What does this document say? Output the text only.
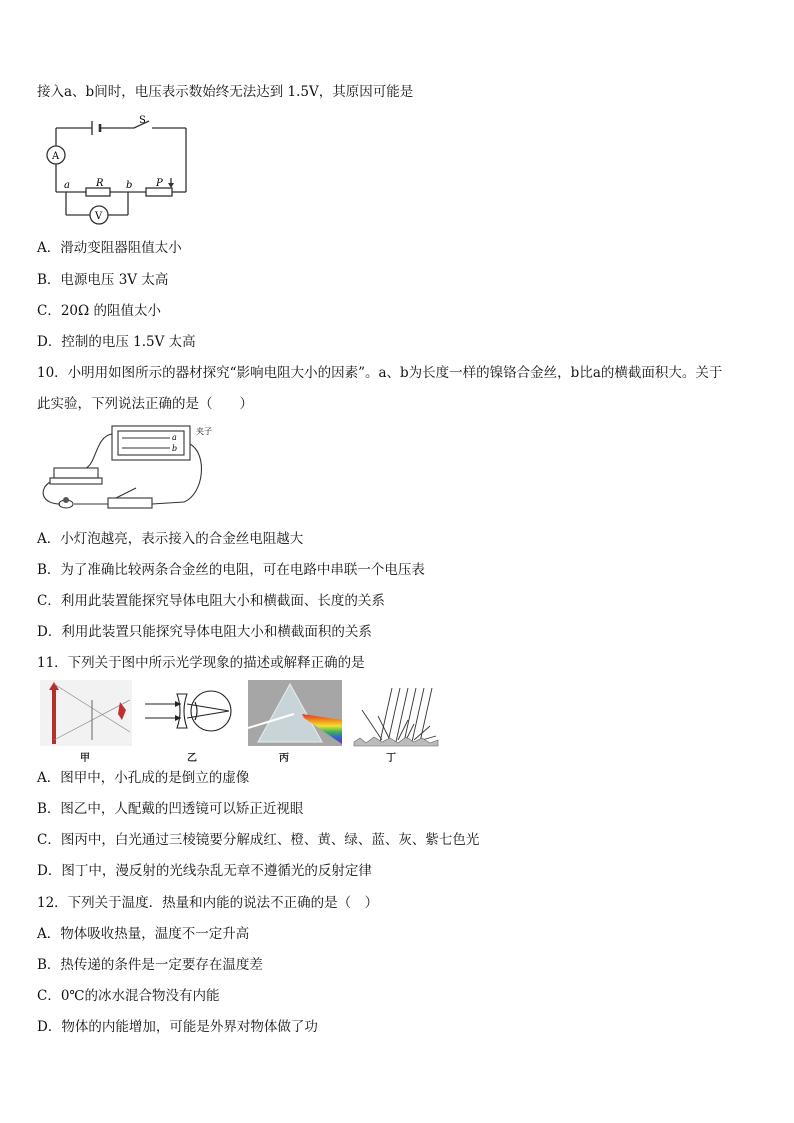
接入a、b间时，电压表示数始终无法达到 1.5V，其原因可能是
S
A
V
a	b
R	P
A．滑动变阻器阻值太小
B．电源电压 3V 太高
C．20Ω 的阻值太小
D．控制的电压 1.5V 太高
10．小明用如图所示的器材探究“影响电阻大小的因素”。a、b为长度一样的镍铬合金丝，b比a的横截面积大。关于
此实验，下列说法正确的是（　　）
夹子
a
b
A．小灯泡越亮，表示接入的合金丝电阻越大
B．为了准确比较两条合金丝的电阻，可在电路中串联一个电压表
C．利用此装置能探究导体电阻大小和横截面、长度的关系
D．利用此装置只能探究导体电阻大小和横截面积的关系
11．下列关于图中所示光学现象的描述或解释正确的是
甲	乙	丙	丁
A．图甲中，小孔成的是倒立的虚像
B．图乙中，人配戴的凹透镜可以矫正近视眼
C．图丙中，白光通过三棱镜要分解成红、橙、黄、绿、蓝、灰、紫七色光
D．图丁中，漫反射的光线杂乱无章不遵循光的反射定律
12．下列关于温度．热量和内能的说法不正确的是（　）
A．物体吸收热量，温度不一定升高
B．热传递的条件是一定要存在温度差
C．0℃的冰水混合物没有内能
D．物体的内能增加，可能是外界对物体做了功
